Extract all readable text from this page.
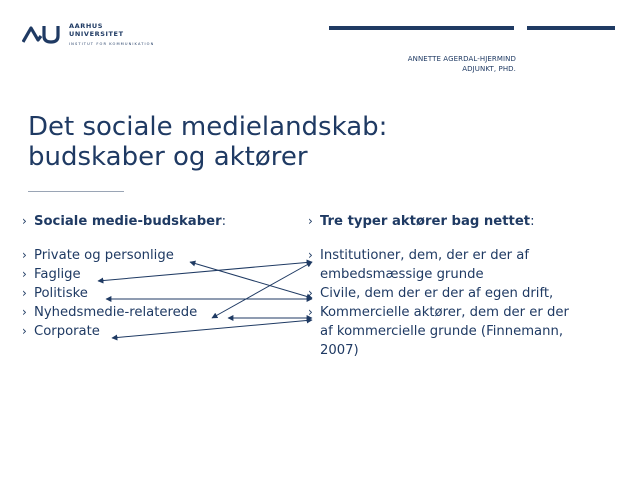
AARHUS
UNIVERSITET
INSTITUT FOR KOMMUNIKATION
ANNETTE AGERDAL-HJERMIND
ADJUNKT, PHD.
Det sociale medielandskab:
budskaber og aktører
› Sociale medie-budskaber:
› Private og personlige
› Faglige
› Politiske
› Nyhedsmedie-relaterede
› Corporate
› Tre typer aktører bag nettet:
› Institutioner, dem, der er der af
embedsmæssige grunde
› Civile, dem der er der af egen drift,
› Kommercielle aktører, dem der er der
af kommercielle grunde (Finnemann,
2007)
